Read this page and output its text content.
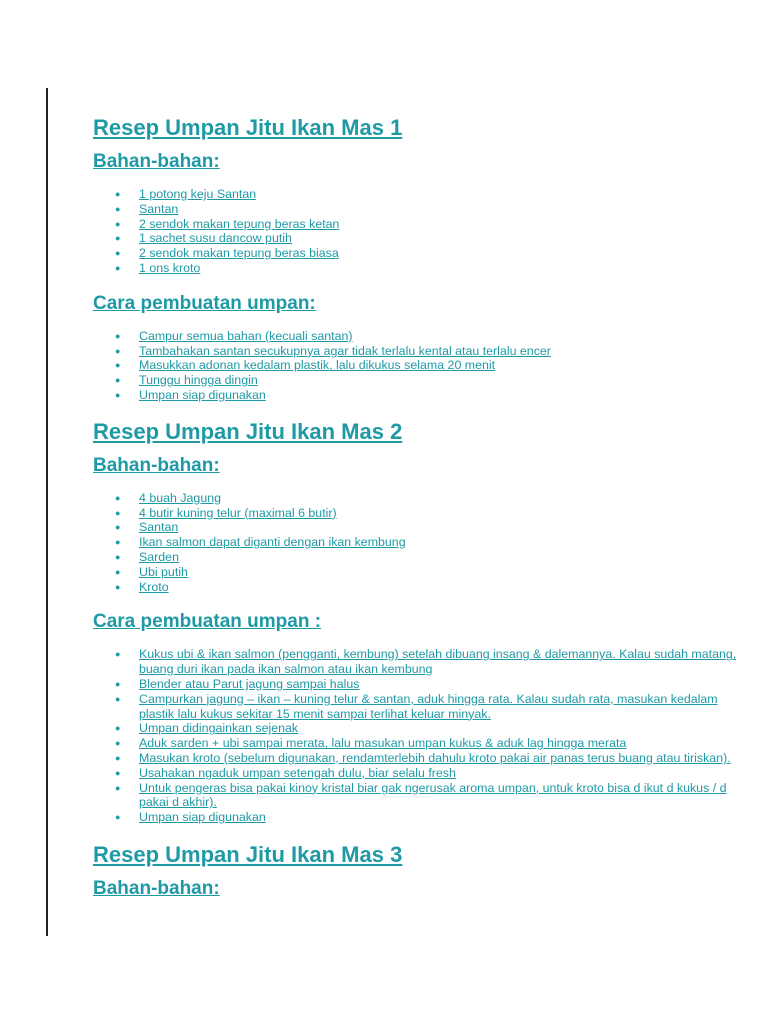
Resep Umpan Jitu Ikan Mas 1
Bahan-bahan:
● 1 potong keju Santan
● Santan
● 2 sendok makan tepung beras ketan
● 1 sachet susu dancow putih
● 2 sendok makan tepung beras biasa
● 1 ons kroto
Cara pembuatan umpan:
● Campur semua bahan (kecuali santan)
● Tambahakan santan secukupnya agar tidak terlalu kental atau terlalu encer
● Masukkan adonan kedalam plastik, lalu dikukus selama 20 menit
● Tunggu hingga dingin
● Umpan siap digunakan
Resep Umpan Jitu Ikan Mas 2
Bahan-bahan:
● 4 buah Jagung
● 4 butir kuning telur (maximal 6 butir)
● Santan
● Ikan salmon dapat diganti dengan ikan kembung
● Sarden
● Ubi putih
● Kroto
Cara pembuatan umpan :
● Kukus ubi & ikan salmon (pengganti, kembung) setelah dibuang insang & dalemannya. Kalau sudah matang, buang duri ikan pada ikan salmon atau ikan kembung
● Blender atau Parut jagung sampai halus
● Campurkan jagung – ikan – kuning telur & santan, aduk hingga rata. Kalau sudah rata, masukan kedalam plastik lalu kukus sekitar 15 menit sampai terlihat keluar minyak.
● Umpan didingainkan sejenak
● Aduk sarden + ubi sampai merata, lalu masukan umpan kukus & aduk lag hingga merata
● Masukan kroto (sebelum digunakan, rendamterlebih dahulu kroto pakai air panas terus buang atau tiriskan).
● Usahakan ngaduk umpan setengah dulu, biar selalu fresh
● Untuk pengeras bisa pakai kinoy kristal biar gak ngerusak aroma umpan, untuk kroto bisa d ikut d kukus / d pakai d akhir).
● Umpan siap digunakan
Resep Umpan Jitu Ikan Mas 3
Bahan-bahan:
